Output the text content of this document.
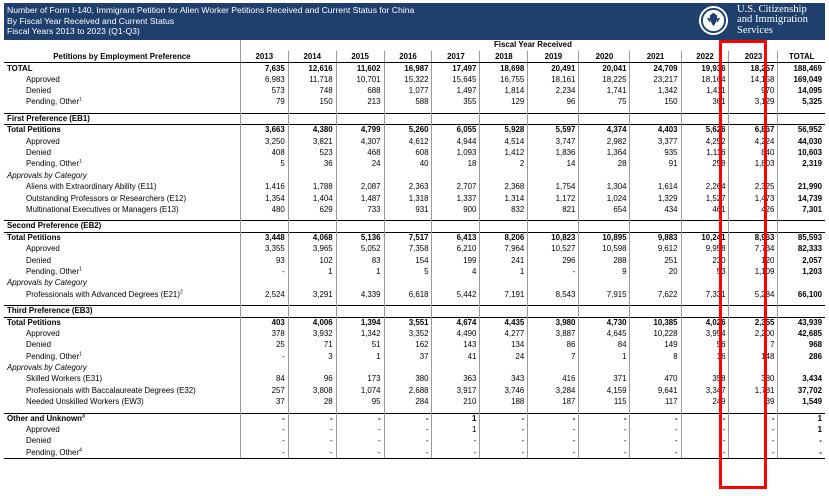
Number of Form I-140, Immigrant Petition for Alien Worker Petitions Received and Current Status for China
By Fiscal Year Received and Current Status
Fiscal Years 2013 to 2023 (Q1-Q3)
U.S. Citizenship
and Immigration
Services
Petitions by Employment Preference	Fiscal Year Received											
	2013	2014	2015	2016	2017	2018	2019	2020	2021	2022	2023	TOTAL
TOTAL	7,635	12,616	11,602	16,987	17,497	18,698	20,491	20,041	24,709	19,936	18,257	188,469
Approved	6,983	11,718	10,701	15,322	15,645	16,755	18,161	18,225	23,217	18,164	14,158	169,049
Denied	573	748	688	1,077	1,497	1,814	2,234	1,741	1,342	1,411	970	14,095
Pending, Other$^1$	79	150	213	588	355	129	96	75	150	361	3,129	5,325

First Preference (EB1)												
Total Petitions	3,663	4,380	4,799	5,260	6,055	5,928	5,597	4,374	4,403	5,626	6,867	56,952
Approved	3,250	3,821	4,307	4,612	4,944	4,514	3,747	2,982	3,377	4,252	4,224	44,030
Denied	408	523	468	608	1,093	1,412	1,836	1,364	935	1,116	840	10,603
Pending, Other$^1$	5	36	24	40	18	2	14	28	91	258	1,803	2,319
Approvals by Category												
Aliens with Extraordinary Ability (E11)	1,416	1,788	2,087	2,363	2,707	2,368	1,754	1,304	1,614	2,264	2,325	21,990
Outstanding Professors or Researchers (E12)	1,354	1,404	1,487	1,318	1,337	1,314	1,172	1,024	1,329	1,527	1,473	14,739
Multinational Executives or Managers (E13)	480	629	733	931	900	832	821	654	434	461	426	7,301

Second Preference (EB2)												
Total Petitions	3,448	4,068	5,136	7,517	6,413	8,206	10,823	10,895	9,883	10,241	8,963	85,593
Approved	3,355	3,965	5,052	7,358	6,210	7,964	10,527	10,598	9,612	9,958	7,734	82,333
Denied	93	102	83	154	199	241	296	288	251	230	120	2,057
Pending, Other$^1$	-	1	1	5	4	1	-	9	20	53	1,109	1,203
Approvals by Category												
Professionals with Advanced Degrees $(E21)^2$	2,524	3,291	4,339	6,618	5,442	7,191	8,543	7,915	7,622	7,331	5,284	66,100

Third Preference (EB3)												
Total Petitions	403	4,006	1,394	3,551	4,674	4,435	3,980	4,730	10,385	4,026	2,355	43,939
Approved	378	3,932	1,342	3,352	4,490	4,277	3,887	4,645	10,228	3,954	2,200	42,685
Denied	25	71	51	162	143	134	86	84	149	56	7	968
Pending, Other$^1$	-	3	1	37	41	24	7	1	8	16	148	286
Approvals by Category												
Skilled Workers (E31)	84	96	173	380	363	343	416	371	470	358	380	3,434
Professionals with Baccalaureate Degrees (E32)	257	3,808	1,074	2,688	3,917	3,746	3,284	4,159	9,641	3,347	1,781	37,702
Needed Unskilled Workers (EW3)	37	28	95	284	210	188	187	115	117	249	39	1,549

Other and Unknown$^3$	-	-	-	-	1	-	-	-	-	-	-	1
Approved	-	-	-	-	1	-	-	-	-	-	-	1
Denied	-	-	-	-	-	-	-	-	-	-	-	-
Pending, Other$^4$	-	-	-	-	-	-	-	-	-	-	-	-
